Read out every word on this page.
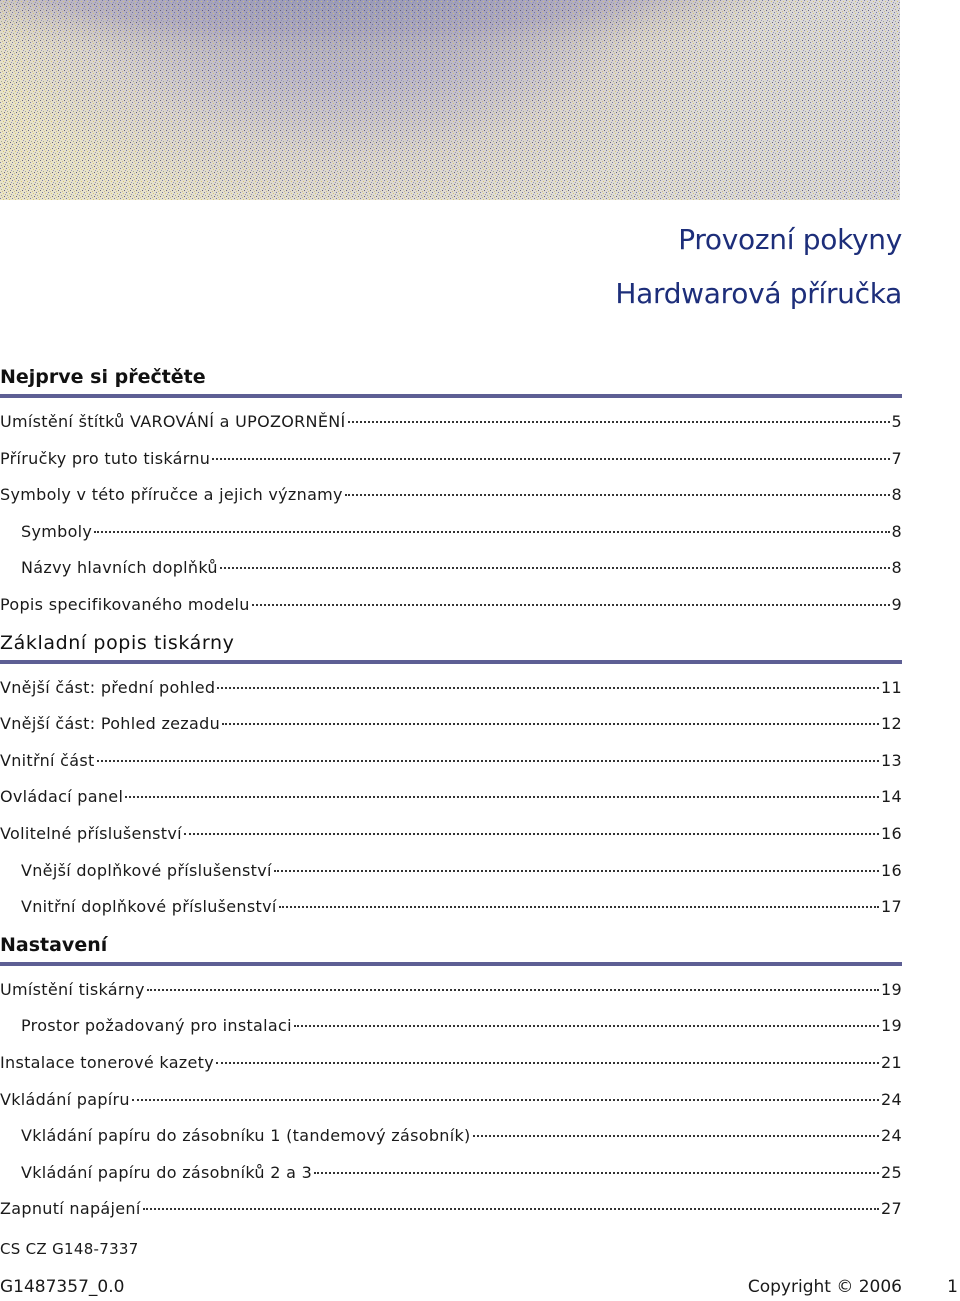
Provozní pokyny
Hardwarová příručka
Nejprve si přečtěte
Umístění štítků VAROVÁNÍ a UPOZORNĚNÍ	5
Příručky pro tuto tiskárnu	7
Symboly v této příručce a jejich významy	8
Symboly	8
Názvy hlavních doplňků	8
Popis specifikovaného modelu	9
Základní popis tiskárny
Vnější část: přední pohled	11
Vnější část: Pohled zezadu	12
Vnitřní část	13
Ovládací panel	14
Volitelné příslušenství	16
Vnější doplňkové příslušenství	16
Vnitřní doplňkové příslušenství	17
Nastavení
Umístění tiskárny	19
Prostor požadovaný pro instalaci	19
Instalace tonerové kazety	21
Vkládání papíru	24
Vkládání papíru do zásobníku 1 (tandemový zásobník)	24
Vkládání papíru do zásobníků 2 a 3	25
Zapnutí napájení	27
CS CZ G148-7337
G1487357_0.0	Copyright © 2006	1
